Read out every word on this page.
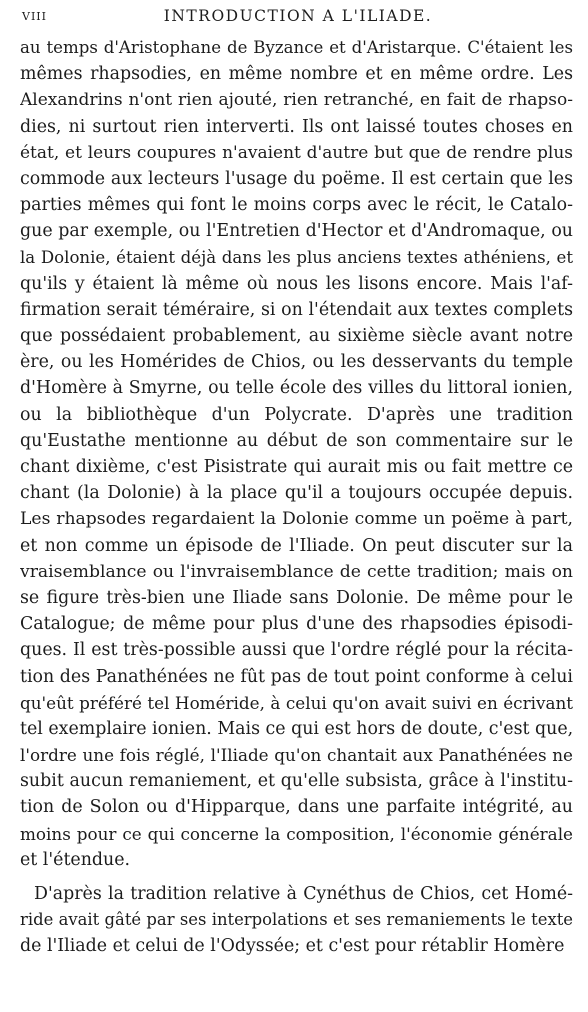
VIII	INTRODUCTION A L'ILIADE.
au temps d'Aristophane de Byzance et d'Aristarque. C'étaient les
mêmes rhapsodies, en même nombre et en même ordre. Les
Alexandrins n'ont rien ajouté, rien retranché, en fait de rhapso-
dies, ni surtout rien interverti. Ils ont laissé toutes choses en
état, et leurs coupures n'avaient d'autre but que de rendre plus
commode aux lecteurs l'usage du poëme. Il est certain que les
parties mêmes qui font le moins corps avec le récit, le Catalo-
gue par exemple, ou l'Entretien d'Hector et d'Andromaque, ou
la Dolonie, étaient déjà dans les plus anciens textes athéniens, et
qu'ils y étaient là même où nous les lisons encore. Mais l'af-
firmation serait téméraire, si on l'étendait aux textes complets
que possédaient probablement, au sixième siècle avant notre
ère, ou les Homérides de Chios, ou les desservants du temple
d'Homère à Smyrne, ou telle école des villes du littoral ionien,
ou la bibliothèque d'un Polycrate. D'après une tradition
qu'Eustathe mentionne au début de son commentaire sur le
chant dixième, c'est Pisistrate qui aurait mis ou fait mettre ce
chant (la Dolonie) à la place qu'il a toujours occupée depuis.
Les rhapsodes regardaient la Dolonie comme un poëme à part,
et non comme un épisode de l'Iliade. On peut discuter sur la
vraisemblance ou l'invraisemblance de cette tradition; mais on
se figure très-bien une Iliade sans Dolonie. De même pour le
Catalogue; de même pour plus d'une des rhapsodies épisodi-
ques. Il est très-possible aussi que l'ordre réglé pour la récita-
tion des Panathénées ne fût pas de tout point conforme à celui
qu'eût préféré tel Homéride, à celui qu'on avait suivi en écrivant
tel exemplaire ionien. Mais ce qui est hors de doute, c'est que,
l'ordre une fois réglé, l'Iliade qu'on chantait aux Panathénées ne
subit aucun remaniement, et qu'elle subsista, grâce à l'institu-
tion de Solon ou d'Hipparque, dans une parfaite intégrité, au
moins pour ce qui concerne la composition, l'économie générale
et l'étendue.
D'après la tradition relative à Cynéthus de Chios, cet Homé-
ride avait gâté par ses interpolations et ses remaniements le texte
de l'Iliade et celui de l'Odyssée; et c'est pour rétablir Homère
